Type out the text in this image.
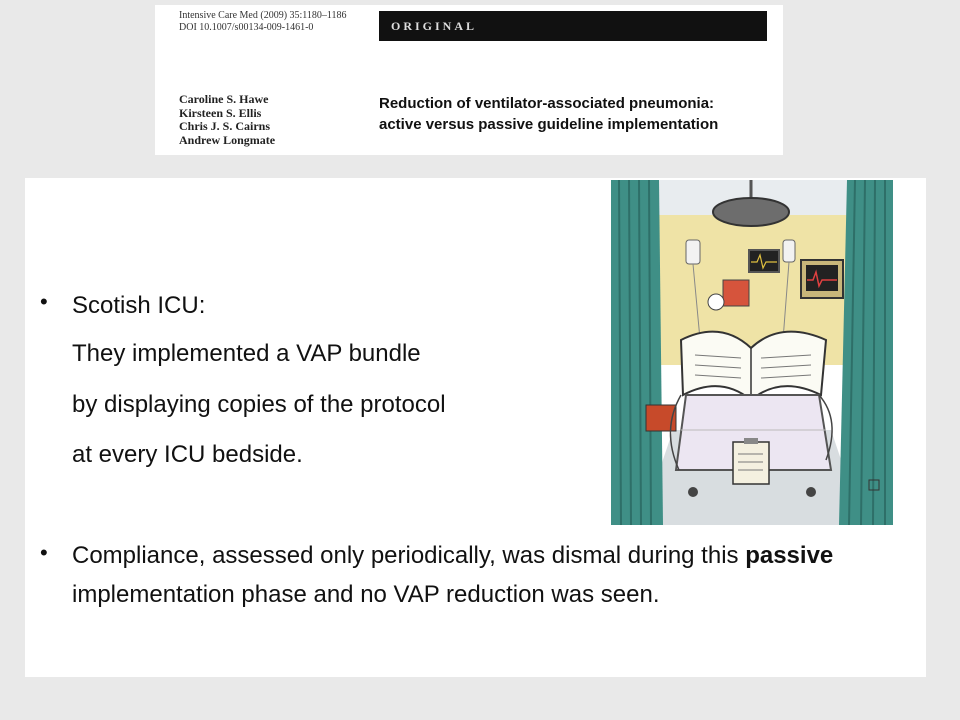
Intensive Care Med (2009) 35:1180–1186
DOI 10.1007/s00134-009-1461-0	ORIGINAL
Caroline S. Hawe
Kirsteen S. Ellis
Chris J. S. Cairns
Andrew Longmate
Reduction of ventilator-associated pneumonia:
active versus passive guideline implementation
• Scotish ICU:
They implemented a VAP bundle
by displaying copies of the protocol
at every ICU bedside.
• Compliance, assessed only periodically, was dismal during this passive implementation phase and no VAP reduction was seen.
